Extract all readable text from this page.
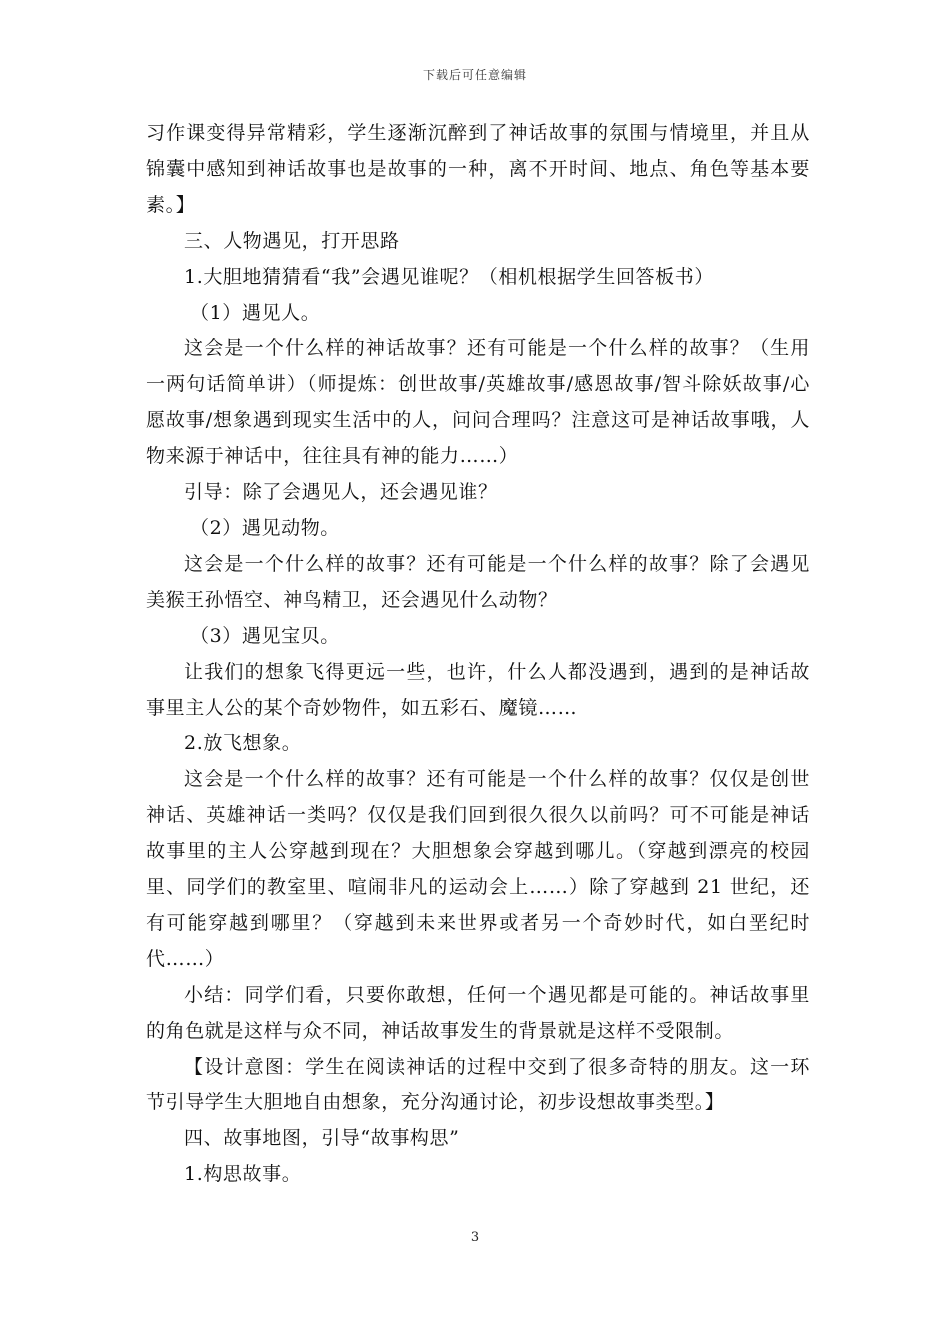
下载后可任意编辑

习作课变得异常精彩，学生逐渐沉醉到了神话故事的氛围与情境里，并且从锦囊中感知到神话故事也是故事的一种，离不开时间、地点、角色等基本要素。】

三、人物遇见，打开思路

1.大胆地猜猜看“我”会遇见谁呢？（相机根据学生回答板书）

（1）遇见人。

这会是一个什么样的神话故事？还有可能是一个什么样的故事？（生用一两句话简单讲）（师提炼：创世故事/英雄故事/感恩故事/智斗除妖故事/心愿故事/想象遇到现实生活中的人，问问合理吗？注意这可是神话故事哦，人物来源于神话中，往往具有神的能力……）

引导：除了会遇见人，还会遇见谁？

（2）遇见动物。

这会是一个什么样的故事？还有可能是一个什么样的故事？除了会遇见美猴王孙悟空、神鸟精卫，还会遇见什么动物？

（3）遇见宝贝。

让我们的想象飞得更远一些，也许，什么人都没遇到，遇到的是神话故事里主人公的某个奇妙物件，如五彩石、魔镜……

2.放飞想象。

这会是一个什么样的故事？还有可能是一个什么样的故事？仅仅是创世神话、英雄神话一类吗？仅仅是我们回到很久很久以前吗？可不可能是神话故事里的主人公穿越到现在？大胆想象会穿越到哪儿。（穿越到漂亮的校园里、同学们的教室里、喧闹非凡的运动会上……）除了穿越到 21 世纪，还有可能穿越到哪里？（穿越到未来世界或者另一个奇妙时代，如白垩纪时代……）

小结：同学们看，只要你敢想，任何一个遇见都是可能的。神话故事里的角色就是这样与众不同，神话故事发生的背景就是这样不受限制。

【设计意图：学生在阅读神话的过程中交到了很多奇特的朋友。这一环节引导学生大胆地自由想象，充分沟通讨论，初步设想故事类型。】

四、故事地图，引导“故事构思”

1.构思故事。

3
